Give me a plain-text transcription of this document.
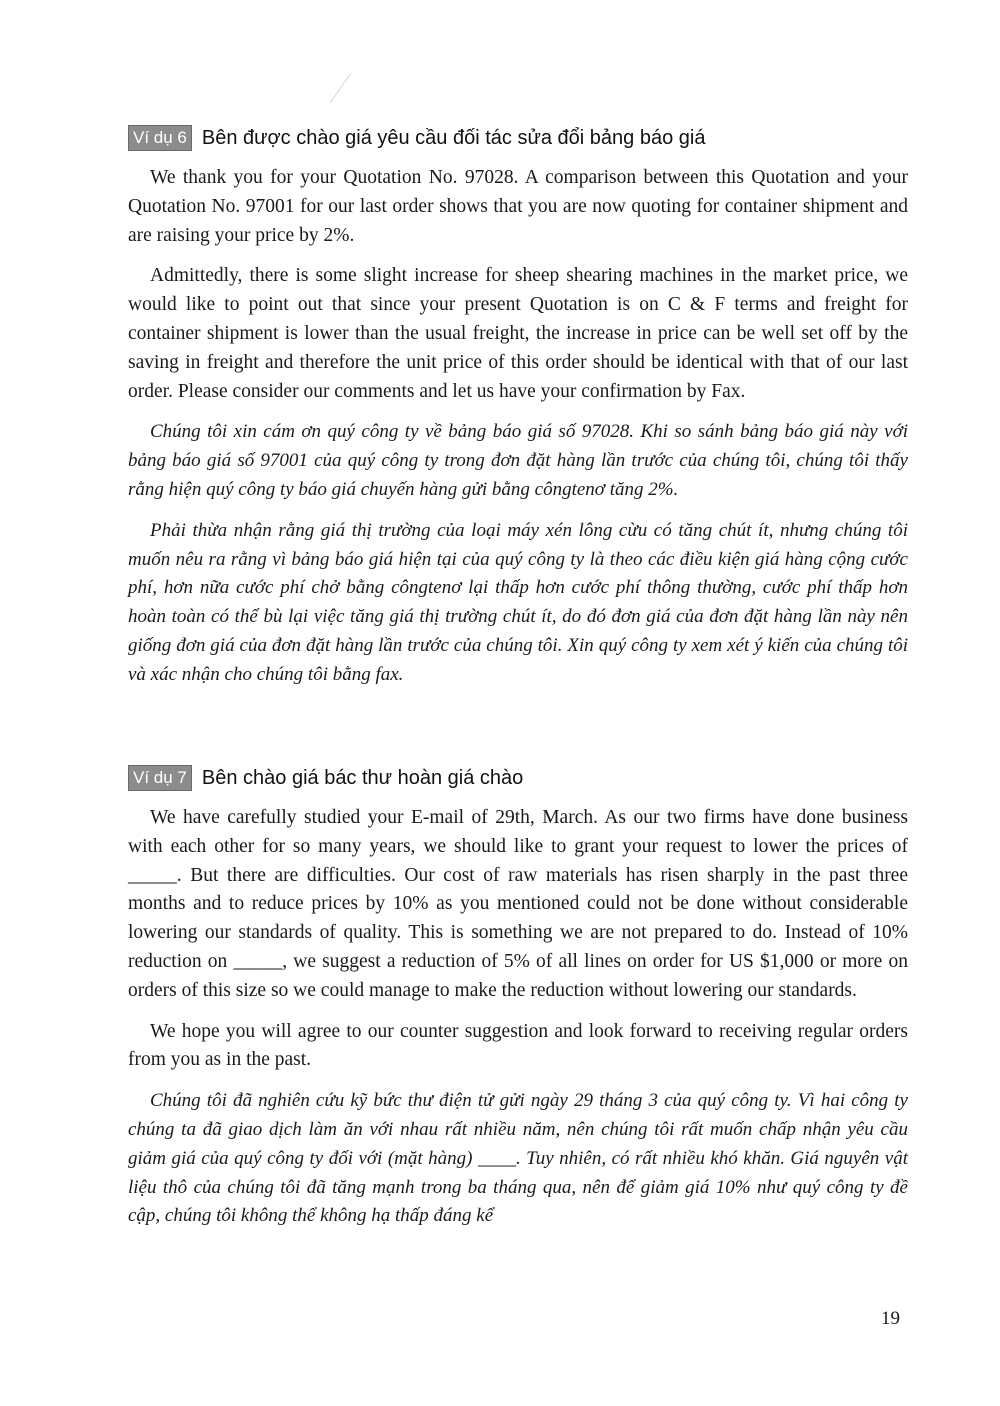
Ví dụ 6 Bên được chào giá yêu cầu đối tác sửa đổi bảng báo giá

We thank you for your Quotation No. 97028. A comparison between this Quotation and your Quotation No. 97001 for our last order shows that you are now quoting for container shipment and are raising your price by 2%.

Admittedly, there is some slight increase for sheep shearing machines in the market price, we would like to point out that since your present Quotation is on C & F terms and freight for container shipment is lower than the usual freight, the increase in price can be well set off by the saving in freight and therefore the unit price of this order should be identical with that of our last order. Please consider our comments and let us have your confirmation by Fax.

Chúng tôi xin cám ơn quý công ty về bảng báo giá số 97028. Khi so sánh bảng báo giá này với bảng báo giá số 97001 của quý công ty trong đơn đặt hàng lần trước của chúng tôi, chúng tôi thấy rằng hiện quý công ty báo giá chuyến hàng gửi bằng côngtenơ tăng 2%.

Phải thừa nhận rằng giá thị trường của loại máy xén lông cừu có tăng chút ít, nhưng chúng tôi muốn nêu ra rằng vì bảng báo giá hiện tại của quý công ty là theo các điều kiện giá hàng cộng cước phí, hơn nữa cước phí chở bằng côngtenơ lại thấp hơn cước phí thông thường, cước phí thấp hơn hoàn toàn có thể bù lại việc tăng giá thị trường chút ít, do đó đơn giá của đơn đặt hàng lần này nên giống đơn giá của đơn đặt hàng lần trước của chúng tôi. Xin quý công ty xem xét ý kiến của chúng tôi và xác nhận cho chúng tôi bằng fax.

Ví dụ 7 Bên chào giá bác thư hoàn giá chào

We have carefully studied your E-mail of 29th, March. As our two firms have done business with each other for so many years, we should like to grant your request to lower the prices of _____. But there are difficulties. Our cost of raw materials has risen sharply in the past three months and to reduce prices by 10% as you mentioned could not be done without considerable lowering our standards of quality. This is something we are not prepared to do. Instead of 10% reduction on _____, we suggest a reduction of 5% of all lines on order for US $1,000 or more on orders of this size so we could manage to make the reduction without lowering our standards.

We hope you will agree to our counter suggestion and look forward to receiving regular orders from you as in the past.

Chúng tôi đã nghiên cứu kỹ bức thư điện tử gửi ngày 29 tháng 3 của quý công ty. Vì hai công ty chúng ta đã giao dịch làm ăn với nhau rất nhiều năm, nên chúng tôi rất muốn chấp nhận yêu cầu giảm giá của quý công ty đối với (mặt hàng) ____. Tuy nhiên, có rất nhiều khó khăn. Giá nguyên vật liệu thô của chúng tôi đã tăng mạnh trong ba tháng qua, nên để giảm giá 10% như quý công ty đề cập, chúng tôi không thể không hạ thấp đáng kể

19
